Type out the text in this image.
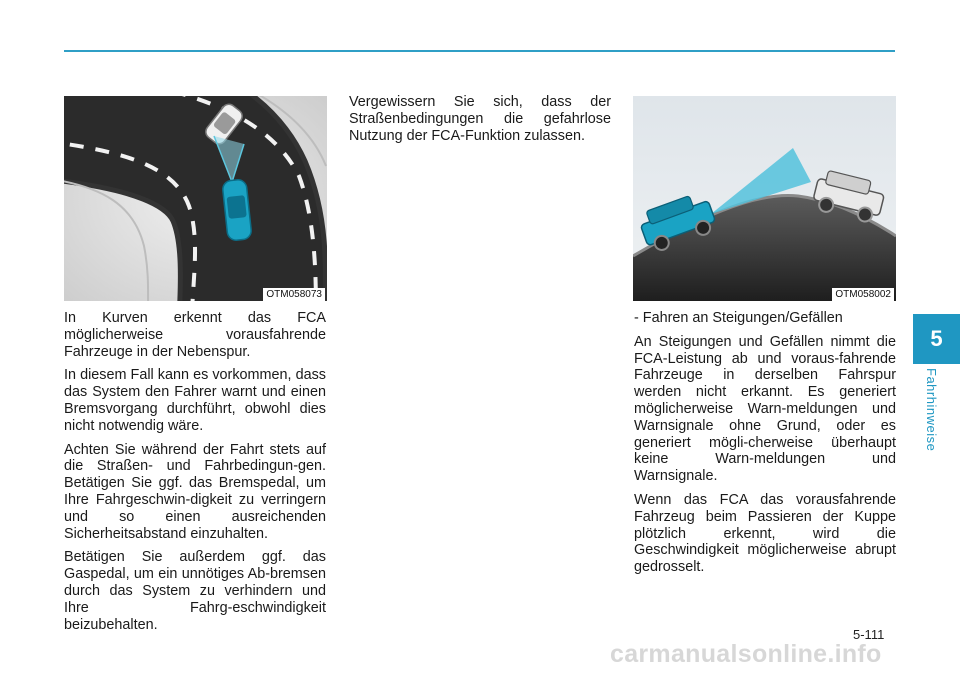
OTM058073	OTM058002

In Kurven erkennt das FCA möglicherweise vorausfahrende Fahrzeuge in der Nebenspur.

In diesem Fall kann es vorkommen, dass das System den Fahrer warnt und einen Bremsvorgang durchführt, obwohl dies nicht notwendig wäre.

Achten Sie während der Fahrt stets auf die Straßen- und Fahrbedingun-gen. Betätigen Sie ggf. das Bremspedal, um Ihre Fahrgeschwin-digkeit zu verringern und so einen ausreichenden Sicherheitsabstand einzuhalten.

Betätigen Sie außerdem ggf. das Gaspedal, um ein unnötiges Ab-bremsen durch das System zu verhindern und Ihre Fahrg-eschwindigkeit beizubehalten.

Vergewissern Sie sich, dass der Straßenbedingungen die gefahrlose Nutzung der FCA-Funktion zulassen.

- Fahren an Steigungen/Gefällen

An Steigungen und Gefällen nimmt die FCA-Leistung ab und voraus-fahrende Fahrzeuge in derselben Fahrspur werden nicht erkannt. Es generiert möglicherweise Warn-meldungen und Warnsignale ohne Grund, oder es generiert mögli-cherweise überhaupt keine Warn-meldungen und Warnsignale.

Wenn das FCA das vorausfahrende Fahrzeug beim Passieren der Kuppe plötzlich erkennt, wird die Geschwindigkeit möglicherweise abrupt gedrosselt.

5
Fahrhinweise
5-111
carmanualsonline.info
